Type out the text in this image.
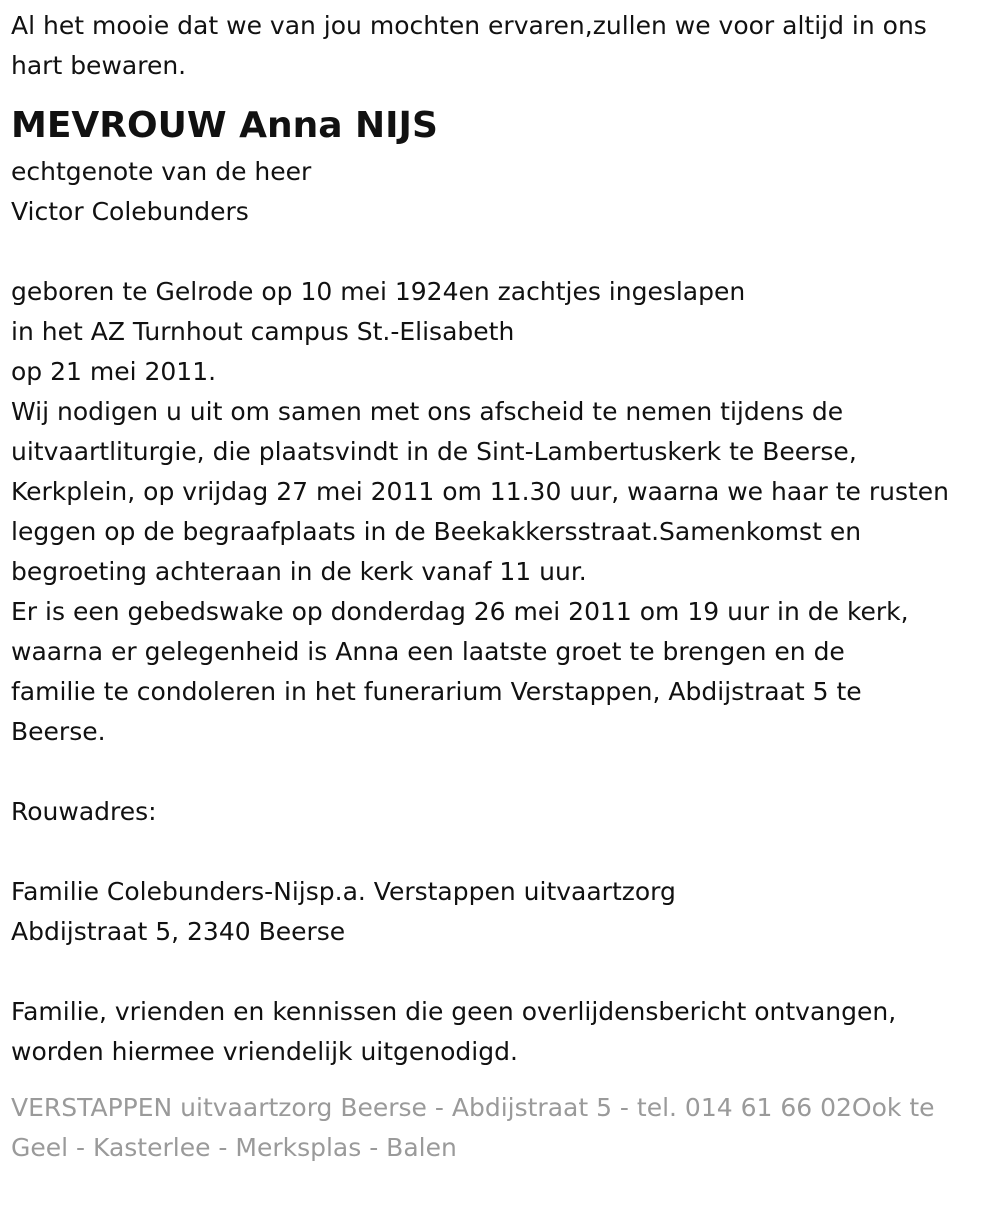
Al het mooie dat we van jou mochten ervaren,zullen we voor altijd in ons
hart bewaren.
MEVROUW Anna NIJS
echtgenote van de heer
Victor Colebunders
geboren te Gelrode op 10 mei 1924en zachtjes ingeslapen
in het AZ Turnhout campus St.-Elisabeth
op 21 mei 2011.
Wij nodigen u uit om samen met ons afscheid te nemen tijdens de
uitvaartliturgie, die plaatsvindt in de Sint-Lambertuskerk te Beerse,
Kerkplein, op vrijdag 27 mei 2011 om 11.30 uur, waarna we haar te rusten
leggen op de begraafplaats in de Beekakkersstraat.Samenkomst en
begroeting achteraan in de kerk vanaf 11 uur.
Er is een gebedswake op donderdag 26 mei 2011 om 19 uur in de kerk,
waarna er gelegenheid is Anna een laatste groet te brengen en de
familie te condoleren in het funerarium Verstappen, Abdijstraat 5 te
Beerse.
Rouwadres:
Familie Colebunders-Nijsp.a. Verstappen uitvaartzorg
Abdijstraat 5, 2340 Beerse
Familie, vrienden en kennissen die geen overlijdensbericht ontvangen,
worden hiermee vriendelijk uitgenodigd.
VERSTAPPEN uitvaartzorg Beerse - Abdijstraat 5 - tel. 014 61 66 02Ook te
Geel - Kasterlee - Merksplas - Balen
